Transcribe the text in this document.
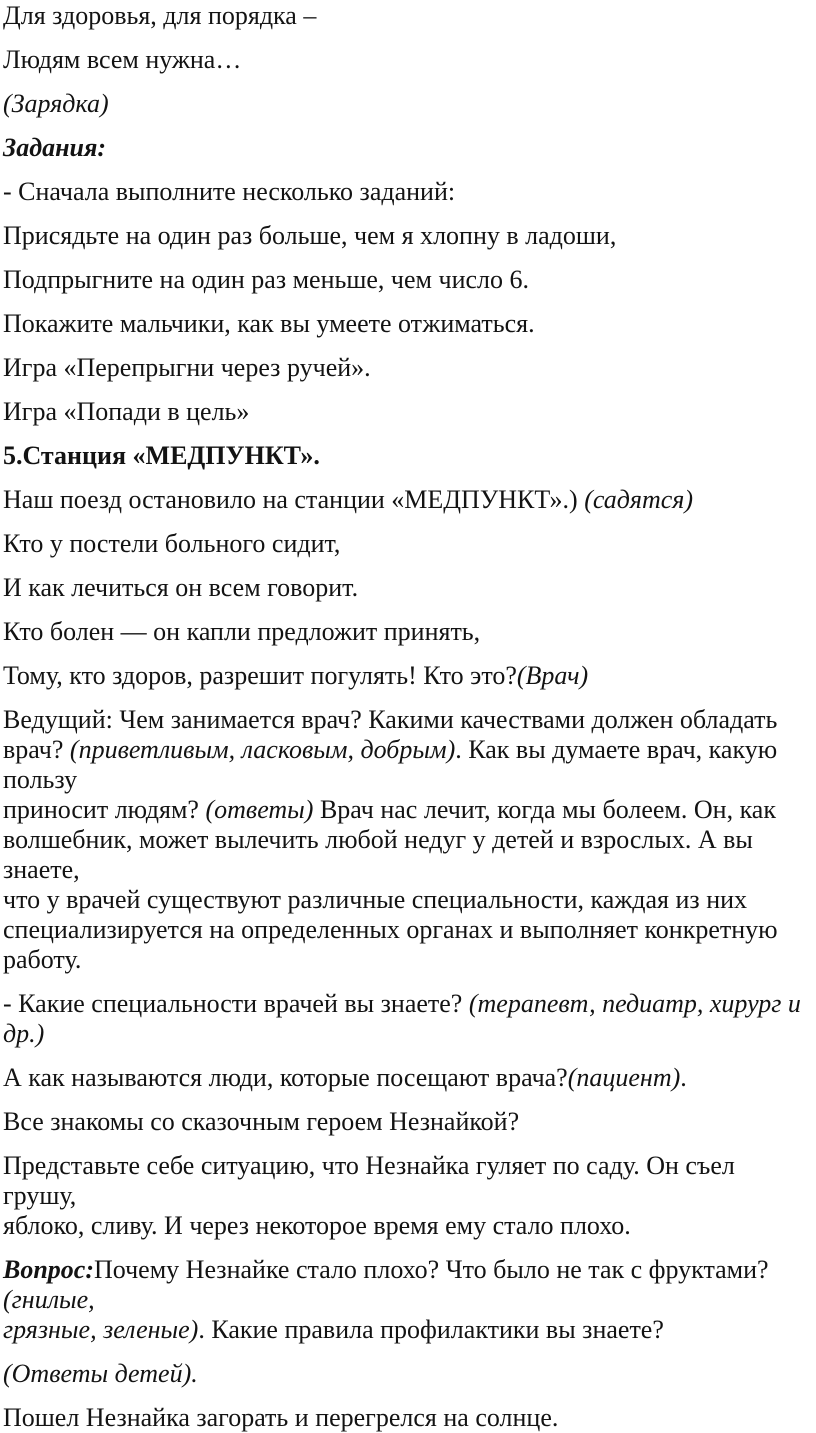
Для здоровья, для порядка –

Людям всем нужна…

(Зарядка)

Задания:

- Сначала выполните несколько заданий:

Присядьте на один раз больше, чем я хлопну в ладоши,

Подпрыгните на один раз меньше, чем число 6.

Покажите мальчики, как вы умеете отжиматься.

Игра «Перепрыгни через ручей».

Игра «Попади в цель»

5.Станция «МЕДПУНКТ».

Наш поезд остановило на станции «МЕДПУНКТ».) (садятся)

Кто у постели больного сидит,

И как лечиться он всем говорит.

Кто болен — он капли предложит принять,

Тому, кто здоров, разрешит погулять! Кто это?(Врач)

Ведущий: Чем занимается врач? Какими качествами должен обладать
врач? (приветливым, ласковым, добрым). Как вы думаете врач, какую пользу
приносит людям? (ответы) Врач нас лечит, когда мы болеем. Он, как
волшебник, может вылечить любой недуг у детей и взрослых. А вы знаете,
что у врачей существуют различные специальности, каждая из них
специализируется на определенных органах и выполняет конкретную работу.

- Какие специальности врачей вы знаете? (терапевт, педиатр, хирург и др.)

А как называются люди, которые посещают врача?(пациент).

Все знакомы со сказочным героем Незнайкой?

Представьте себе ситуацию, что Незнайка гуляет по саду. Он съел грушу,
яблоко, сливу. И через некоторое время ему стало плохо.

Вопрос:Почему Незнайке стало плохо? Что было не так с фруктами?(гнилые,
грязные, зеленые). Какие правила профилактики вы знаете?

(Ответы детей).

Пошел Незнайка загорать и перегрелся на солнце.
